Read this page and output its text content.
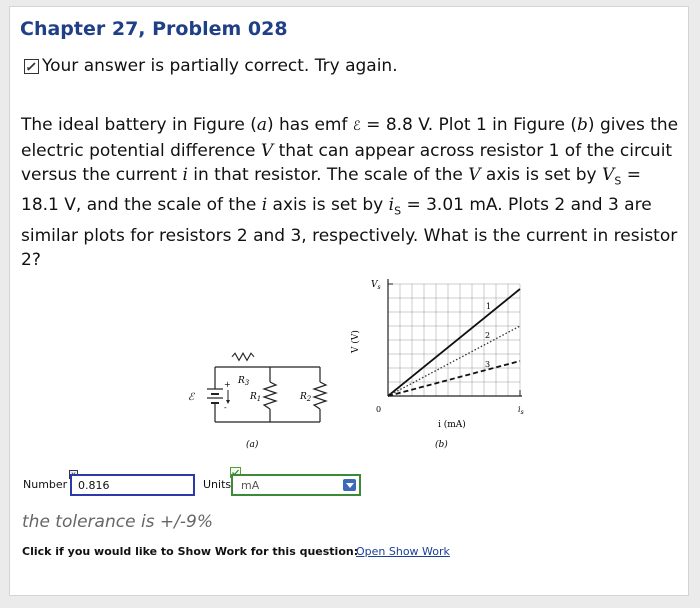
Chapter 27, Problem 028
Your answer is partially correct. Try again.
The ideal battery in Figure (a) has emf ℰ = 8.8 V. Plot 1 in Figure (b) gives the electric potential difference V that can appear across resistor 1 of the circuit versus the current i in that resistor. The scale of the V axis is set by $V_S = 18.1$ V, and the scale of the i axis is set by $i_S = 3.01$ mA. Plots 2 and 3 are similar plots for resistors 2 and 3, respectively. What is the current in resistor 2?
ℰ
+
-
$R_3$
$R_1$	$R_2$
(a)
1
2
3
$V_s$
V (V)
0	$i_s$
i (mA)
(b)
Number
0.816	Units mA
the tolerance is +/-9%
Click if you would like to Show Work for this question:
Open Show Work
